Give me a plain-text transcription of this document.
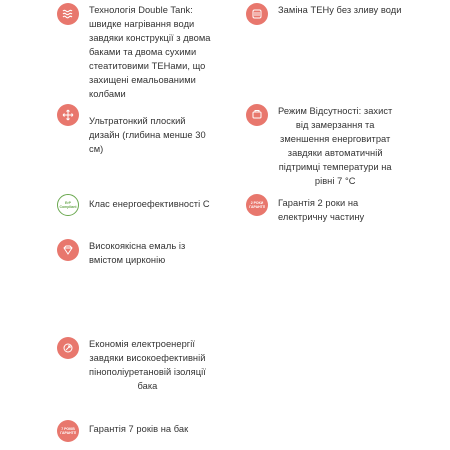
Технологія Double Tank:
швидке нагрівання води
завдяки конструкції з двома
баками та двома сухими
стеатитовими ТЕНами, що
захищені емальованими
колбами
Заміна ТЕНу без зливу води
Ультратонкий плоский
дизайн (глибина менше 30
см)
Режим Відсутності: захист
від замерзання та
зменшення енерговитрат
завдяки автоматичній
підтримці температури на
рівні 7 °С
ErP
Compliant Клас енергоефективності С	2 РОКИ
ГАРАНТІЇ Гарантія 2 роки на
електричну частину
Високоякісна емаль із
вмістом цирконію
Економія електроенергії
завдяки високоефективній
пінополіуретановій ізоляції
бака
7 РОКІВ
ГАРАНТІЇ Гарантія 7 років на бак
